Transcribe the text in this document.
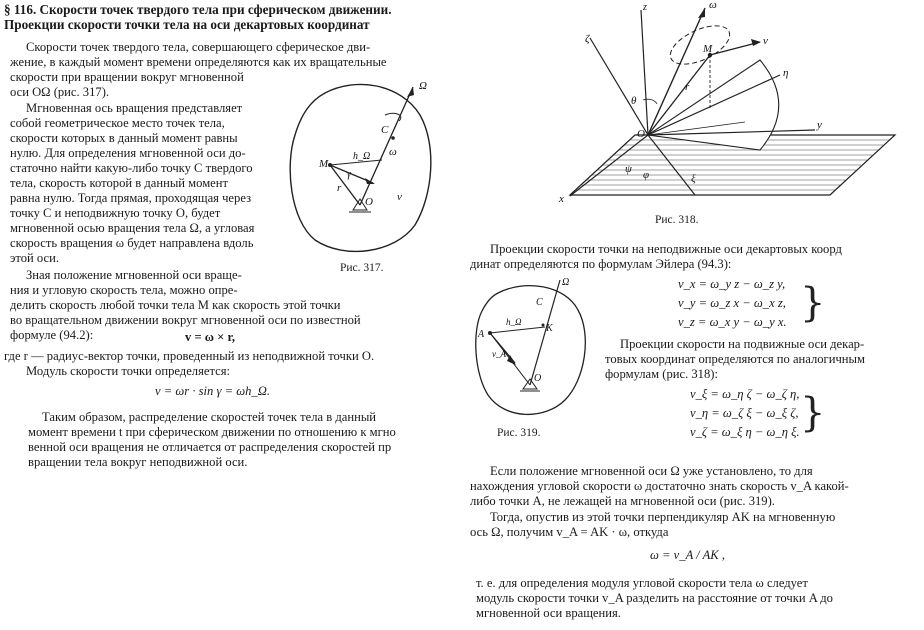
§ 116. Скорости точек твердого тела при сферическом движении.
Проекции скорости точки тела на оси декартовых координат
Скорости точек твердого тела, совершающего сферическое дви-
жение, в каждый момент времени определяются как их вращательные
скорости при вращении вокруг мгновенной
оси OΩ (рис. 317).
Мгновенная ось вращения представляет
собой геометрическое место точек тела,
скорости которых в данный момент равны
нулю. Для определения мгновенной оси до-
статочно найти какую-либо точку C твердого
тела, скорость которой в данный момент
равна нулю. Тогда прямая, проходящая через
точку C и неподвижную точку O, будет
мгновенной осью вращения тела Ω, а угловая
скорость вращения ω будет направлена вдоль
этой оси.
Ω
C
ω
h_Ω
M
r
γ
O v
Рис. 317.
Зная положение мгновенной оси враще-
ния и угловую скорость тела, можно опре-
делить скорость любой точки тела M как скорость этой точки
во вращательном движении вокруг мгновенной оси по известной
формуле (94.2):	v = ω × r,
где r — радиус-вектор точки, проведенный из неподвижной точки O.
Модуль скорости точки определяется:
v = ωr · sin γ = ωh_Ω.
Таким образом, распределение скоростей точек тела в данный
момент времени t при сферическом движении по отношению к мгно
венной оси вращения не отличается от распределения скоростей пр
вращении тела вокруг неподвижной оси.
z	ω
ζ
M
v
θ
r
O
η
y
x
φ
ψ
ξ
Рис. 318.
Проекции скорости точки на неподвижные оси декартовых коорд
динат определяются по формулам Эйлера (94.3):
v_x = ω_y z − ω_z y,
v_y = ω_z x − ω_x z,
v_z = ω_x y − ω_y x. }
Ω
C
h_Ω
A
K
v_A
O
Рис. 319.
Проекции скорости на подвижные оси декар-
товых координат определяются по аналогичным
формулам (рис. 318):
v_ξ = ω_η ζ − ω_ζ η,
v_η = ω_ζ ξ − ω_ξ ζ,
v_ζ = ω_ξ η − ω_η ξ. }
Если положение мгновенной оси Ω уже установлено, то для
нахождения угловой скорости ω достаточно знать скорость v_A какой-
либо точки A, не лежащей на мгновенной оси (рис. 319).
Тогда, опустив из этой точки перпендикуляр AK на мгновенную
ось Ω, получим v_A = AK · ω, откуда
ω = v_A / AK ,
т. е. для определения модуля угловой скорости тела ω следует
модуль скорости точки v_A разделить на расстояние от точки A до
мгновенной оси вращения.
